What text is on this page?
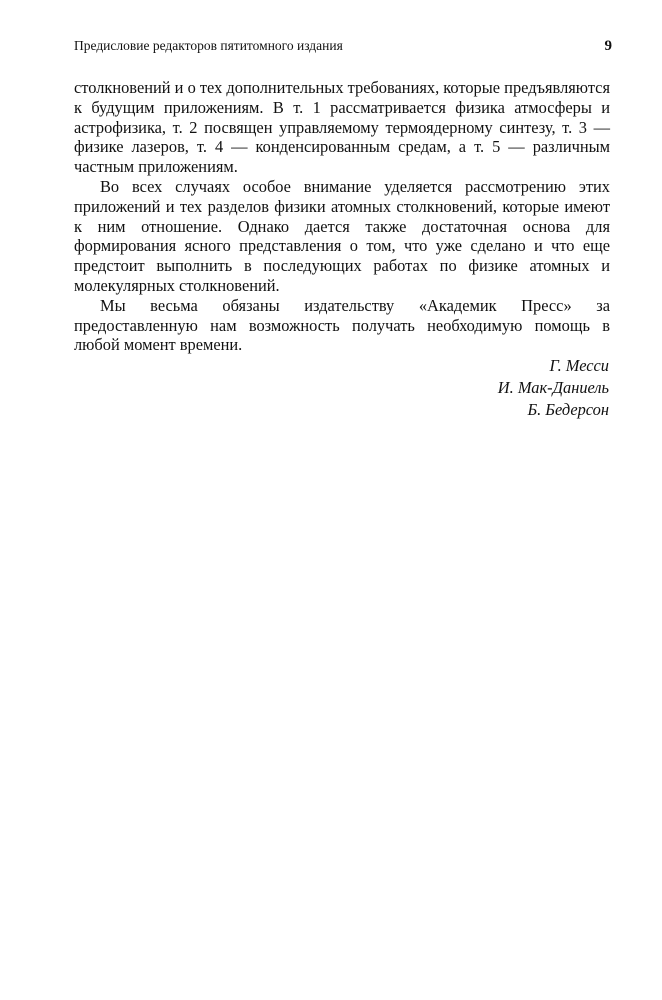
Предисловие редакторов пятитомного издания	9

столкновений и о тех дополнительных требованиях, которые предъявляются к будущим приложениям. В т. 1 рассматривается физика атмосферы и астрофизика, т. 2 посвящен управляемому термоядерному синтезу, т. 3 — физике лазеров, т. 4 — конденсированным средам, а т. 5 — различным частным приложениям.

Во всех случаях особое внимание уделяется рассмотрению этих приложений и тех разделов физики атомных столкновений, которые имеют к ним отношение. Однако дается также достаточная основа для формирования ясного представления о том, что уже сделано и что еще предстоит выполнить в последующих работах по физике атомных и молекулярных столкновений.

Мы весьма обязаны издательству «Академик Пресс» за предоставленную нам возможность получать необходимую помощь в любой момент времени.

Г. Месси
И. Мак-Даниель
Б. Бедерсон
